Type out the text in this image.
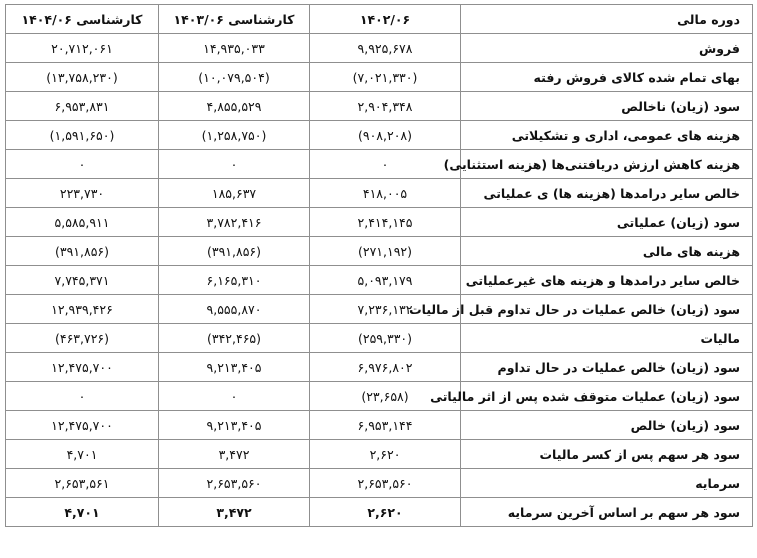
دوره مالی	۱۴۰۲/۰۶	کارشناسی ۱۴۰۳/۰۶	کارشناسی ۱۴۰۴/۰۶
فروش	۹,۹۲۵,۶۷۸	۱۴,۹۳۵,۰۳۳	۲۰,۷۱۲,۰۶۱
بهای تمام شده کالای فروش رفته	(۷,۰۲۱,۳۳۰)	(۱۰,۰۷۹,۵۰۴)	(۱۳,۷۵۸,۲۳۰)
سود (زیان) ناخالص	۲,۹۰۴,۳۴۸	۴,۸۵۵,۵۲۹	۶,۹۵۳,۸۳۱
هزینه های عمومی، اداری و تشکیلاتی	(۹۰۸,۲۰۸)	(۱,۲۵۸,۷۵۰)	(۱,۵۹۱,۶۵۰)
هزینه کاهش ارزش دریافتنی‌ها (هزینه استثنایی)	۰	۰	۰
خالص سایر درامدها (هزینه ها) ی عملیاتی	۴۱۸,۰۰۵	۱۸۵,۶۳۷	۲۲۳,۷۳۰
سود (زیان) عملیاتی	۲,۴۱۴,۱۴۵	۳,۷۸۲,۴۱۶	۵,۵۸۵,۹۱۱
هزینه های مالی	(۲۷۱,۱۹۲)	(۳۹۱,۸۵۶)	(۳۹۱,۸۵۶)
خالص سایر درامدها و هزینه های غیرعملیاتی	۵,۰۹۳,۱۷۹	۶,۱۶۵,۳۱۰	۷,۷۴۵,۳۷۱
سود (زیان) خالص عملیات در حال تداوم قبل از مالیات	۷,۲۳۶,۱۳۲	۹,۵۵۵,۸۷۰	۱۲,۹۳۹,۴۲۶
مالیات	(۲۵۹,۳۳۰)	(۳۴۲,۴۶۵)	(۴۶۳,۷۲۶)
سود (زیان) خالص عملیات در حال تداوم	۶,۹۷۶,۸۰۲	۹,۲۱۳,۴۰۵	۱۲,۴۷۵,۷۰۰
سود (زیان) عملیات متوقف شده پس از اثر مالیاتی	(۲۳,۶۵۸)	۰	۰
سود (زیان) خالص	۶,۹۵۳,۱۴۴	۹,۲۱۳,۴۰۵	۱۲,۴۷۵,۷۰۰
سود هر سهم پس از کسر مالیات	۲,۶۲۰	۳,۴۷۲	۴,۷۰۱
سرمایه	۲,۶۵۳,۵۶۰	۲,۶۵۳,۵۶۰	۲,۶۵۳,۵۶۱
سود هر سهم بر اساس آخرین سرمایه	۲,۶۲۰	۳,۴۷۲	۴,۷۰۱
